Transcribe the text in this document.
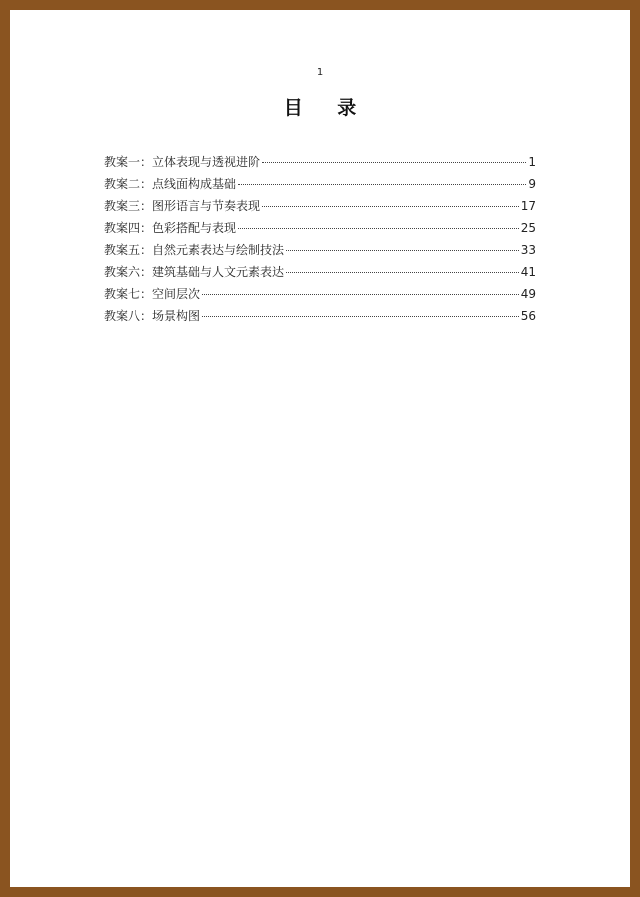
1
目 录
教案一：立体表现与透视进阶	1
教案二：点线面构成基础	9
教案三：图形语言与节奏表现	17
教案四：色彩搭配与表现	25
教案五：自然元素表达与绘制技法	33
教案六：建筑基础与人文元素表达	41
教案七：空间层次	49
教案八：场景构图	56
